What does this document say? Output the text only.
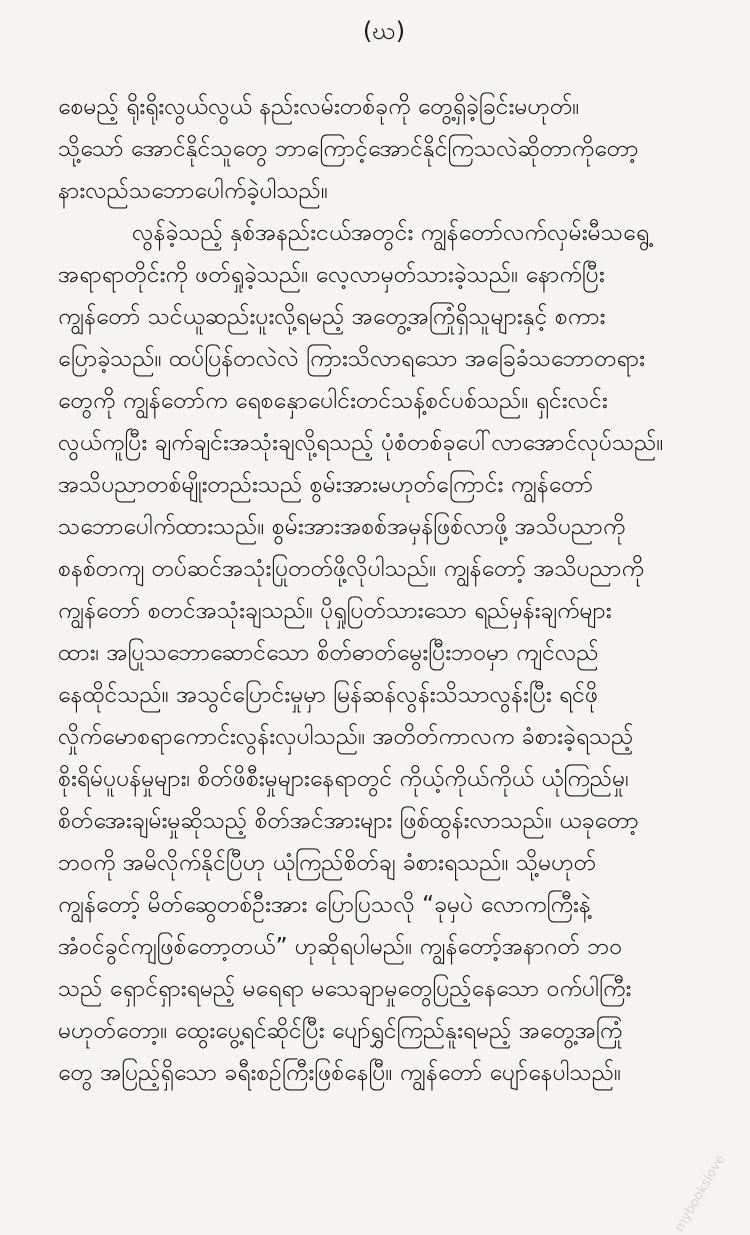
(ဃ)
စေမည့် ရိုးရိုးလွယ်လွယ် နည်းလမ်းတစ်ခုကို တွေ့ရှိခဲ့ခြင်းမဟုတ်။
သို့သော် အောင်နိုင်သူတွေ ဘာကြောင့်အောင်နိုင်ကြသလဲဆိုတာကိုတော့
နားလည်သဘောပေါက်ခဲ့ပါသည်။
လွန်ခဲ့သည့် နှစ်အနည်းငယ်အတွင်း ကျွန်တော်လက်လှမ်းမီသရွေ့
အရာရာတိုင်းကို ဖတ်ရှုခဲ့သည်။ လေ့လာမှတ်သားခဲ့သည်။ နောက်ပြီး
ကျွန်တော် သင်ယူဆည်းပူးလို့ရမည့် အတွေ့အကြုံရှိသူများနှင့် စကား
ပြောခဲ့သည်။ ထပ်ပြန်တလဲလဲ ကြားသိလာရသော အခြေခံသဘောတရား
တွေကို ကျွန်တော်က ရေစနှောပေါင်းတင်သန့်စင်ပစ်သည်။ ရှင်းလင်း
လွယ်ကူပြီး ချက်ချင်းအသုံးချလို့ရသည့် ပုံစံတစ်ခုပေါ်လာအောင်လုပ်သည်။
အသိပညာတစ်မျိုးတည်းသည် စွမ်းအားမဟုတ်ကြောင်း ကျွန်တော်
သဘောပေါက်ထားသည်။ စွမ်းအားအစစ်အမှန်ဖြစ်လာဖို့ အသိပညာကို
စနစ်တကျ တပ်ဆင်အသုံးပြုတတ်ဖို့လိုပါသည်။ ကျွန်တော့် အသိပညာကို
ကျွန်တော် စတင်အသုံးချသည်။ ပိုရှုပြတ်သားသော ရည်မှန်းချက်များ
ထား၊ အပြုသဘောဆောင်သော စိတ်ဓာတ်မွေးပြီးဘဝမှာ ကျင်လည်
နေထိုင်သည်။ အသွင်ပြောင်းမှုမှာ မြန်ဆန်လွန်းသိသာလွန်းပြီး ရင်ဖို
လှိုက်မောစရာကောင်းလွန်းလှပါသည်။ အတိတ်ကာလက ခံစားခဲ့ရသည့်
စိုးရိမ်ပူပန်မှုများ၊ စိတ်ဖိစီးမှုများနေရာတွင် ကိုယ့်ကိုယ်ကိုယ် ယုံကြည်မှု၊
စိတ်အေးချမ်းမှုဆိုသည့် စိတ်အင်အားများ ဖြစ်ထွန်းလာသည်။ ယခုတော့
ဘဝကို အမိလိုက်နိုင်ပြီဟု ယုံကြည်စိတ်ချ ခံစားရသည်။ သို့မဟုတ်
ကျွန်တော့် မိတ်ဆွေတစ်ဦးအား ပြောပြသလို “ခုမှပဲ လောကကြီးနဲ့
အံဝင်ခွင်ကျဖြစ်တော့တယ်” ဟုဆိုရပါမည်။ ကျွန်တော့်အနာဂတ် ဘဝ
သည် ရှောင်ရှားရမည့် မရေရာ မသေချာမှုတွေပြည့်နေသော ဝက်ပါကြီး
မဟုတ်တော့။ ထွေးပွေ့ရင်ဆိုင်ပြီး ပျော်ရွှင်ကြည်နူးရမည့် အတွေ့အကြုံ
တွေ အပြည့်ရှိသော ခရီးစဉ်ကြီးဖြစ်နေပြီ။ ကျွန်တော် ပျော်နေပါသည်။
mybookslove
